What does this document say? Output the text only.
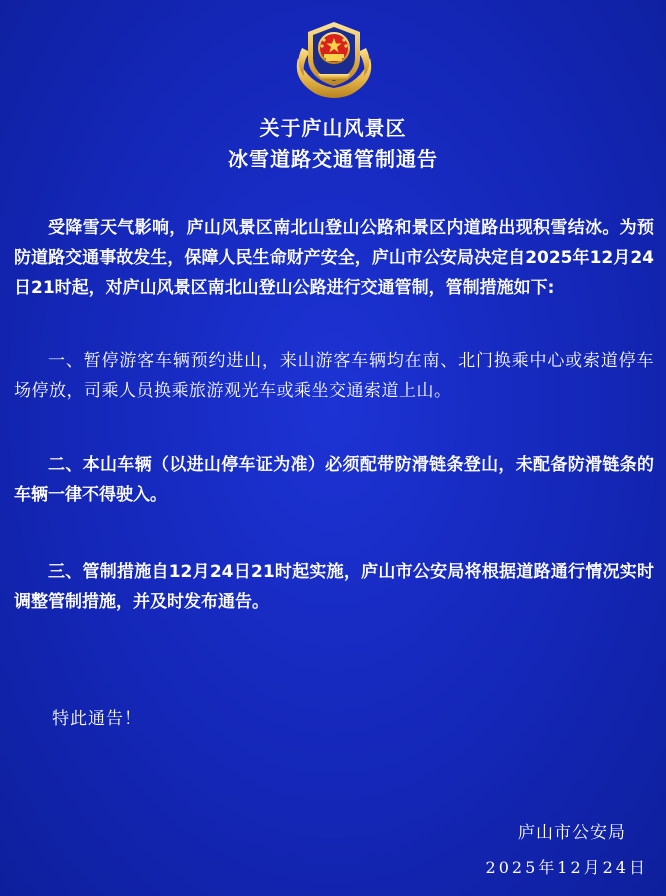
关于庐山风景区
冰雪道路交通管制通告

受降雪天气影响，庐山风景区南北山登山公路和景区内道路出现积雪结冰。为预防道路交通事故发生，保障人民生命财产安全，庐山市公安局决定自2025年12月24日21时起，对庐山风景区南北山登山公路进行交通管制，管制措施如下:

一、暂停游客车辆预约进山，来山游客车辆均在南、北门换乘中心或索道停车场停放，司乘人员换乘旅游观光车或乘坐交通索道上山。

二、本山车辆（以进山停车证为准）必须配带防滑链条登山，未配备防滑链条的车辆一律不得驶入。

三、管制措施自12月24日21时起实施，庐山市公安局将根据道路通行情况实时调整管制措施，并及时发布通告。

特此通告！
庐山市公安局
2025年12月24日
